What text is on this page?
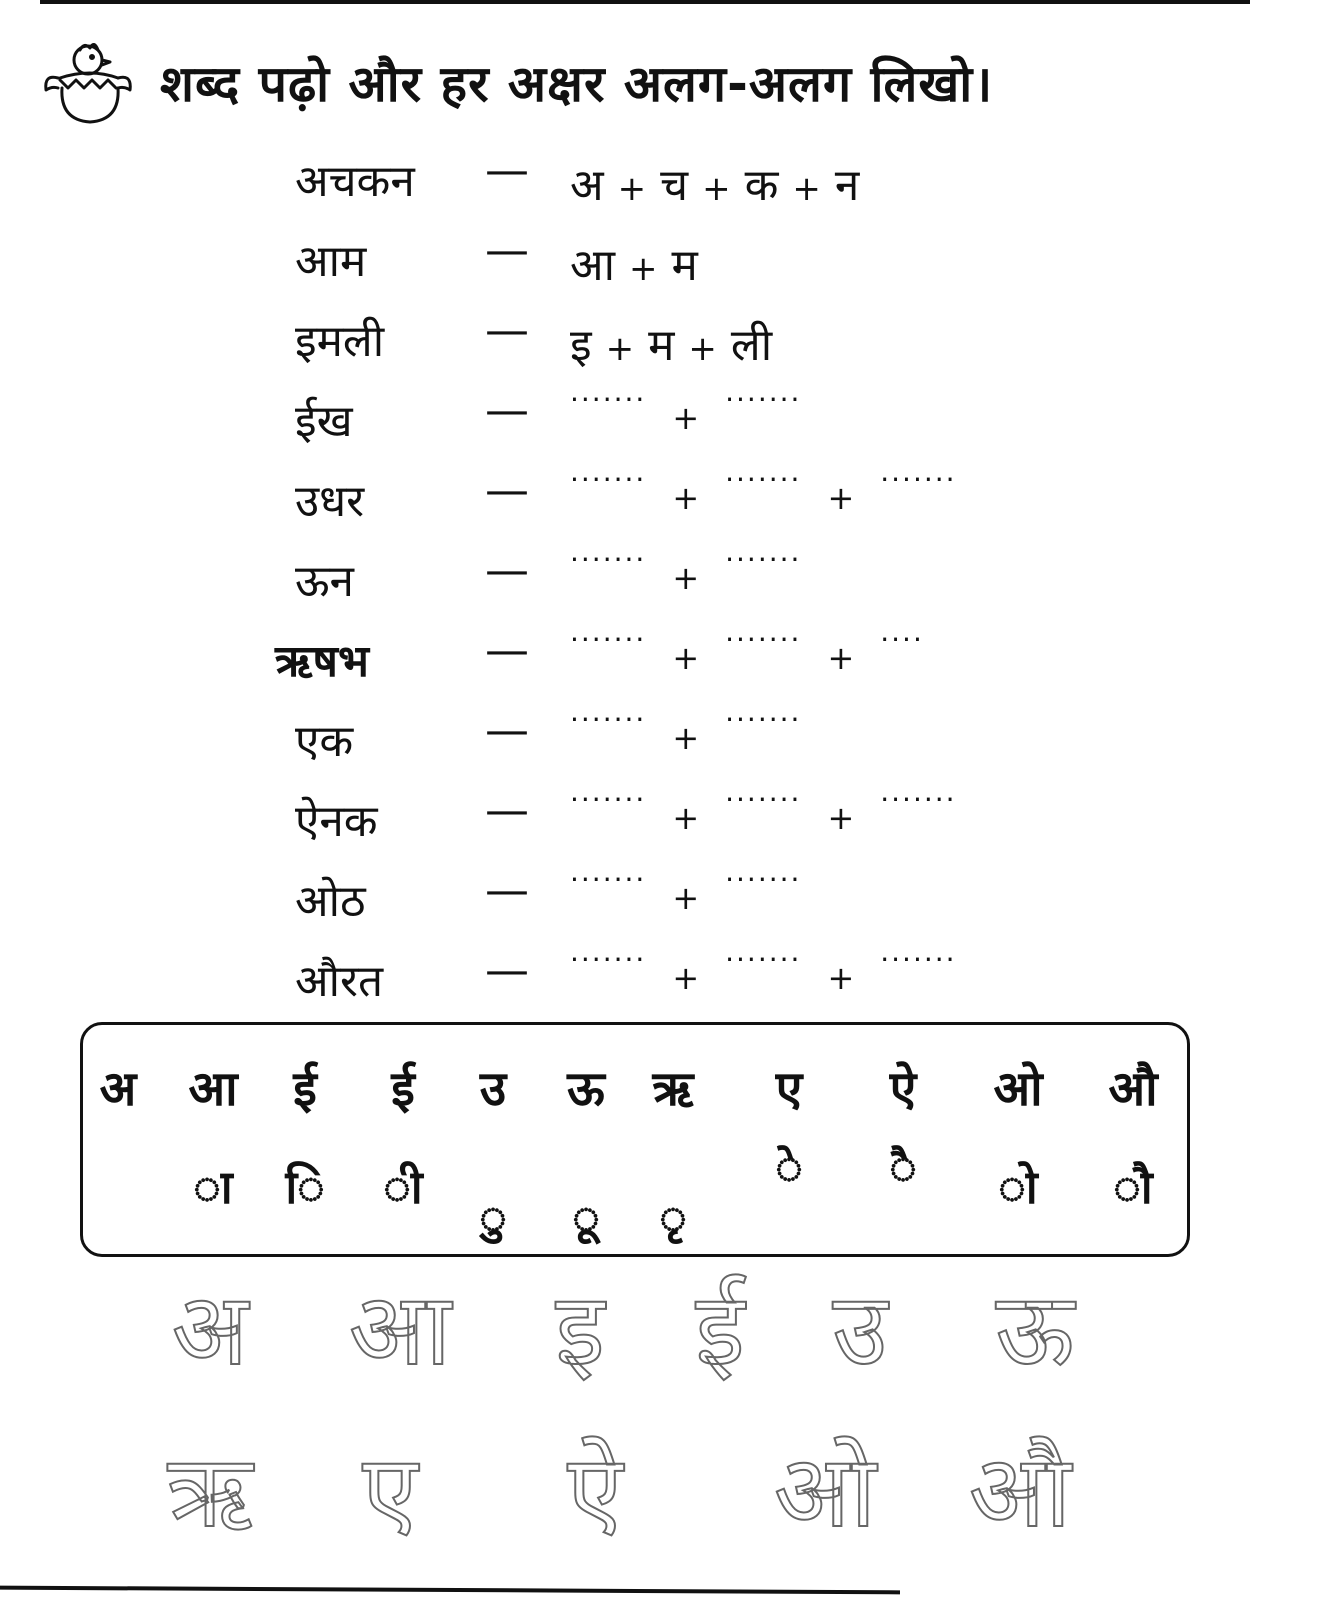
शब्द पढ़ो और हर अक्षर अलग-अलग लिखो।
अचकन — अ + च + क + न
आम	— आ + म
इमली — इ + म + ली
ईख	— ······· + ·······
उधर	— ······· + ······· + ·······
ऊन	— ······· + ·······
ऋषभ	— ······· + ······· + ····
एक	— ······· + ·······
ऐनक — ······· + ······· + ·······
ओठ	— ······· + ·······
औरत — ······· + ······· + ·······
अ आ ई ई उ ऊ ऋ ए ऐ ओ औ
◌ा ◌ि ◌ी
◌ु ◌ू ◌ृ
◌े ◌ै ◌ो ◌ौ
अ आ इ ई उ ऊ
ऋ ए ऐ ओ औ
